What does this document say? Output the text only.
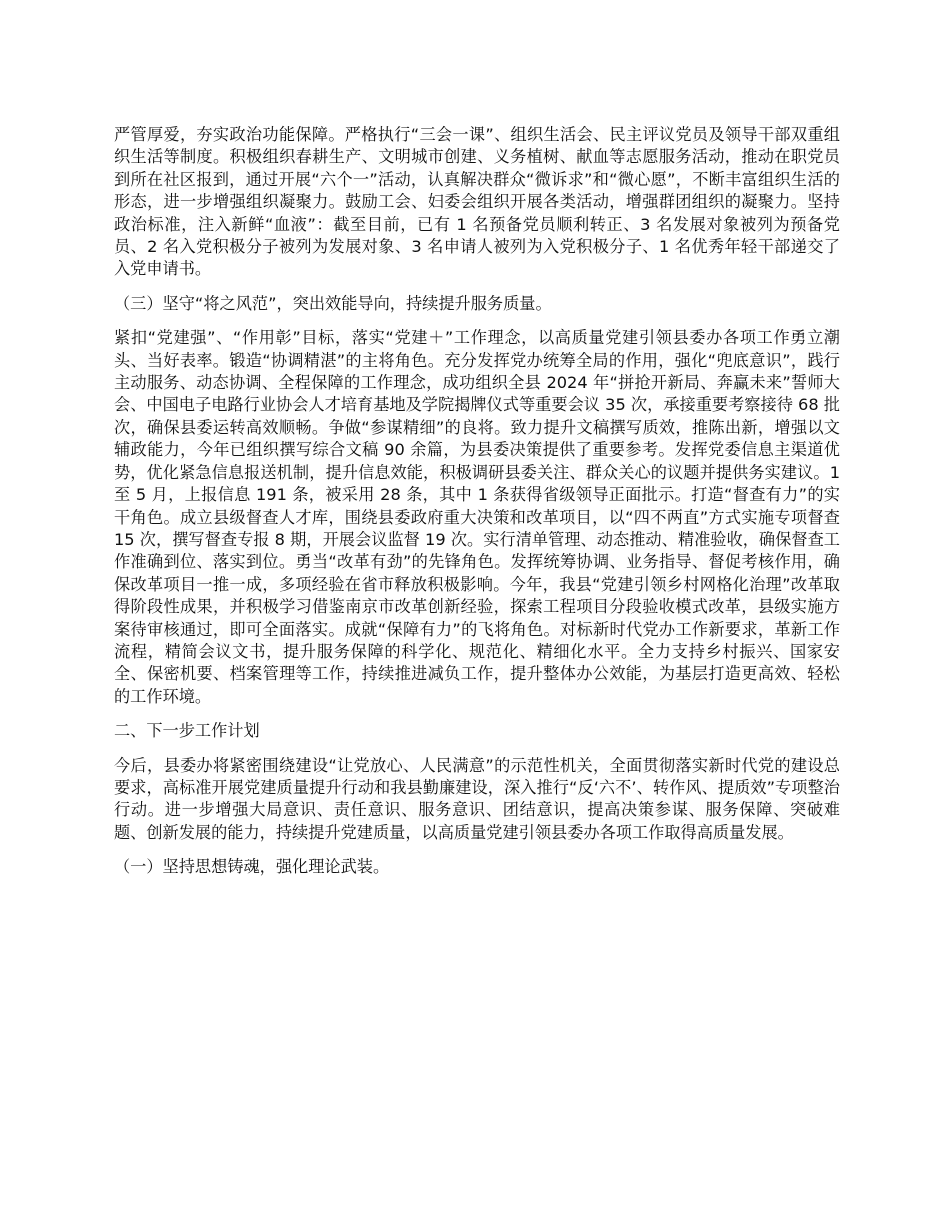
严管厚爱，夯实政治功能保障。严格执行“三会一课”、组织生活会、民主评议党员及领导干部双重组织生活等制度。积极组织春耕生产、文明城市创建、义务植树、献血等志愿服务活动，推动在职党员到所在社区报到，通过开展“六个一”活动，认真解决群众“微诉求”和“微心愿”，不断丰富组织生活的形态，进一步增强组织凝聚力。鼓励工会、妇委会组织开展各类活动，增强群团组织的凝聚力。坚持政治标准，注入新鲜“血液”：截至目前，已有 1 名预备党员顺利转正、3 名发展对象被列为预备党员、2 名入党积极分子被列为发展对象、3 名申请人被列为入党积极分子、1 名优秀年轻干部递交了入党申请书。

（三）坚守“将之风范”，突出效能导向，持续提升服务质量。

紧扣“党建强”、“作用彰”目标，落实“党建＋”工作理念，以高质量党建引领县委办各项工作勇立潮头、当好表率。锻造“协调精湛”的主将角色。充分发挥党办统筹全局的作用，强化“兜底意识”，践行主动服务、动态协调、全程保障的工作理念，成功组织全县 2024 年“拼抢开新局、奔赢未来”誓师大会、中国电子电路行业协会人才培育基地及学院揭牌仪式等重要会议 35 次，承接重要考察接待 68 批次，确保县委运转高效顺畅。争做“参谋精细”的良将。致力提升文稿撰写质效，推陈出新，增强以文辅政能力，今年已组织撰写综合文稿 90 余篇，为县委决策提供了重要参考。发挥党委信息主渠道优势，优化紧急信息报送机制，提升信息效能，积极调研县委关注、群众关心的议题并提供务实建议。1 至 5 月，上报信息 191 条，被采用 28 条，其中 1 条获得省级领导正面批示。打造“督查有力”的实干角色。成立县级督查人才库，围绕县委政府重大决策和改革项目，以“四不两直”方式实施专项督查 15 次，撰写督查专报 8 期，开展会议监督 19 次。实行清单管理、动态推动、精准验收，确保督查工作准确到位、落实到位。勇当“改革有劲”的先锋角色。发挥统筹协调、业务指导、督促考核作用，确保改革项目一推一成，多项经验在省市释放积极影响。今年，我县“党建引领乡村网格化治理”改革取得阶段性成果，并积极学习借鉴南京市改革创新经验，探索工程项目分段验收模式改革，县级实施方案待审核通过，即可全面落实。成就“保障有力”的飞将角色。对标新时代党办工作新要求，革新工作流程，精简会议文书，提升服务保障的科学化、规范化、精细化水平。全力支持乡村振兴、国家安全、保密机要、档案管理等工作，持续推进减负工作，提升整体办公效能，为基层打造更高效、轻松的工作环境。

二、下一步工作计划

今后，县委办将紧密围绕建设“让党放心、人民满意”的示范性机关，全面贯彻落实新时代党的建设总要求，高标准开展党建质量提升行动和我县勤廉建设，深入推行“反‘六不’、转作风、提质效”专项整治行动。进一步增强大局意识、责任意识、服务意识、团结意识，提高决策参谋、服务保障、突破难题、创新发展的能力，持续提升党建质量，以高质量党建引领县委办各项工作取得高质量发展。

（一）坚持思想铸魂，强化理论武装。
